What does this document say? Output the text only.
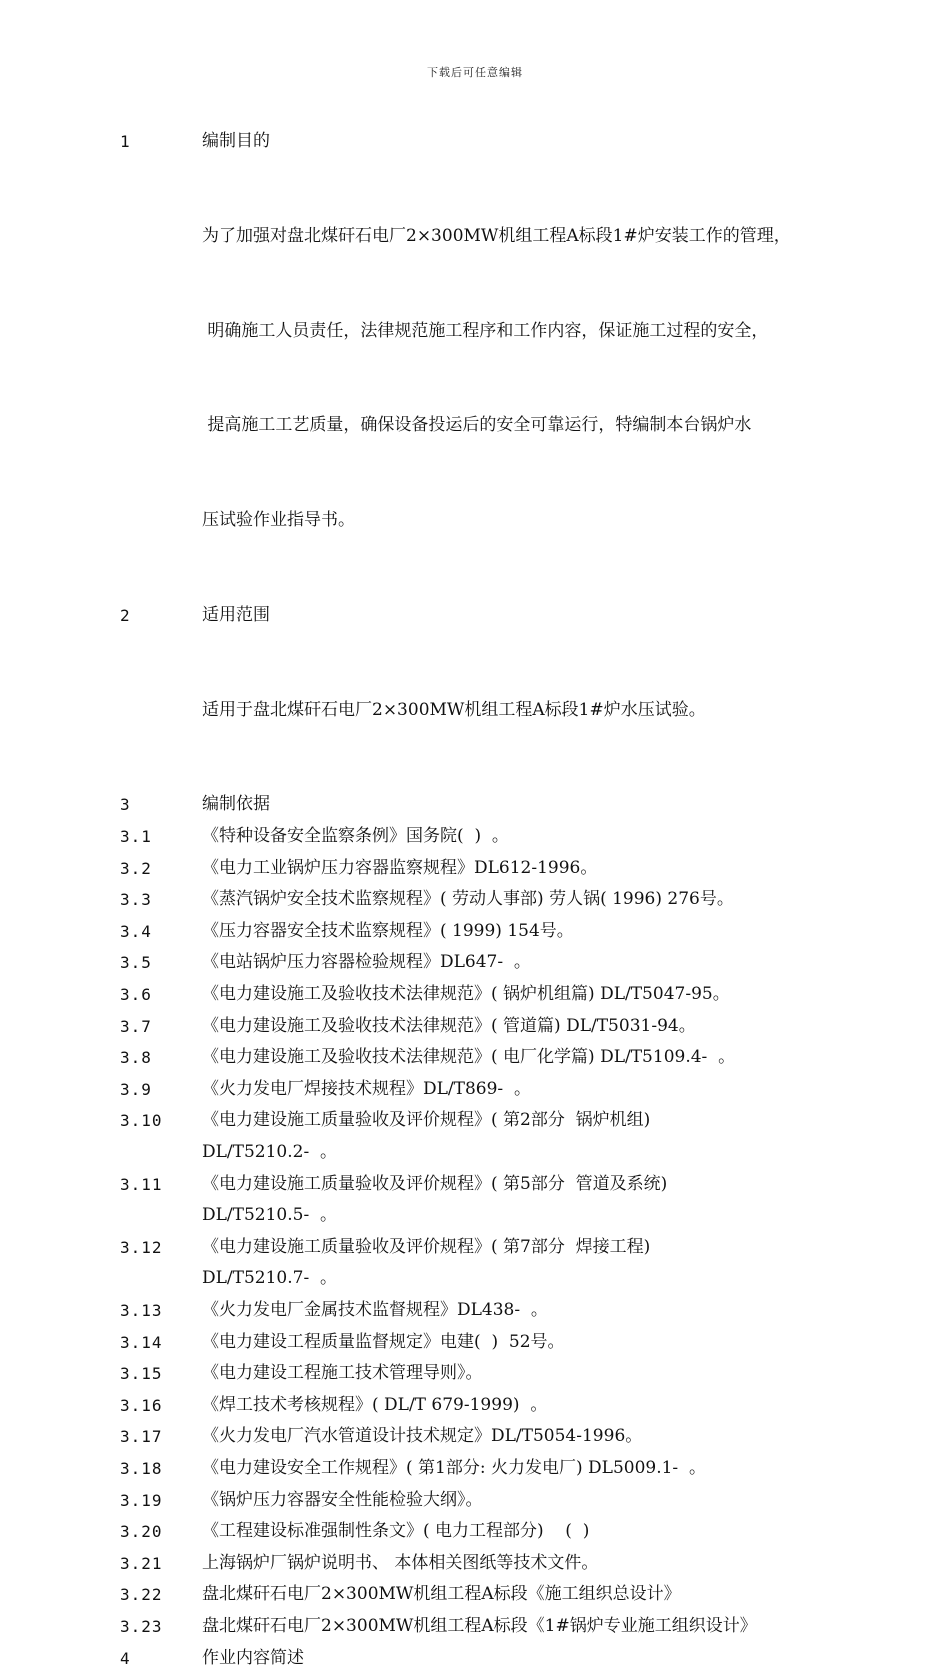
下载后可任意编辑
1	编制目的

为了加强对盘北煤矸石电厂2×300MW机组工程A标段1#炉安装工作的管理，

明确施工人员责任，法律规范施工程序和工作内容，保证施工过程的安全，

提高施工工艺质量，确保设备投运后的安全可靠运行，特编制本台锅炉水

压试验作业指导书。

2	适用范围

适用于盘北煤矸石电厂2×300MW机组工程A标段1#炉水压试验。

3	编制依据
3.1	《特种设备安全监察条例》国务院(  )  。
3.2	《电力工业锅炉压力容器监察规程》DL612-1996。
3.3	《蒸汽锅炉安全技术监察规程》( 劳动人事部) 劳人锅( 1996) 276号。
3.4	《压力容器安全技术监察规程》( 1999) 154号。
3.5	《电站锅炉压力容器检验规程》DL647-  。
3.6	《电力建设施工及验收技术法律规范》( 锅炉机组篇) DL/T5047-95。
3.7	《电力建设施工及验收技术法律规范》( 管道篇) DL/T5031-94。
3.8	《电力建设施工及验收技术法律规范》( 电厂化学篇) DL/T5109.4-  。
3.9	《火力发电厂焊接技术规程》DL/T869-  。
3.10	《电力建设施工质量验收及评价规程》( 第2部分  锅炉机组)
DL/T5210.2-  。
3.11	《电力建设施工质量验收及评价规程》( 第5部分  管道及系统)
DL/T5210.5-  。
3.12	《电力建设施工质量验收及评价规程》( 第7部分  焊接工程)
DL/T5210.7-  。
3.13	《火力发电厂金属技术监督规程》DL438-  。
3.14	《电力建设工程质量监督规定》电建(  )  52号。
3.15	《电力建设工程施工技术管理导则》。
3.16	《焊工技术考核规程》( DL/T 679-1999)  。
3.17	《火力发电厂汽水管道设计技术规定》DL/T5054-1996。
3.18	《电力建设安全工作规程》( 第1部分: 火力发电厂) DL5009.1-  。
3.19	《锅炉压力容器安全性能检验大纲》。
3.20	《工程建设标准强制性条文》( 电力工程部分)    (  )
3.21	上海锅炉厂锅炉说明书、 本体相关图纸等技术文件。
3.22	盘北煤矸石电厂2×300MW机组工程A标段《施工组织总设计》
3.23	盘北煤矸石电厂2×300MW机组工程A标段《1#锅炉专业施工组织设计》
4	作业内容简述
